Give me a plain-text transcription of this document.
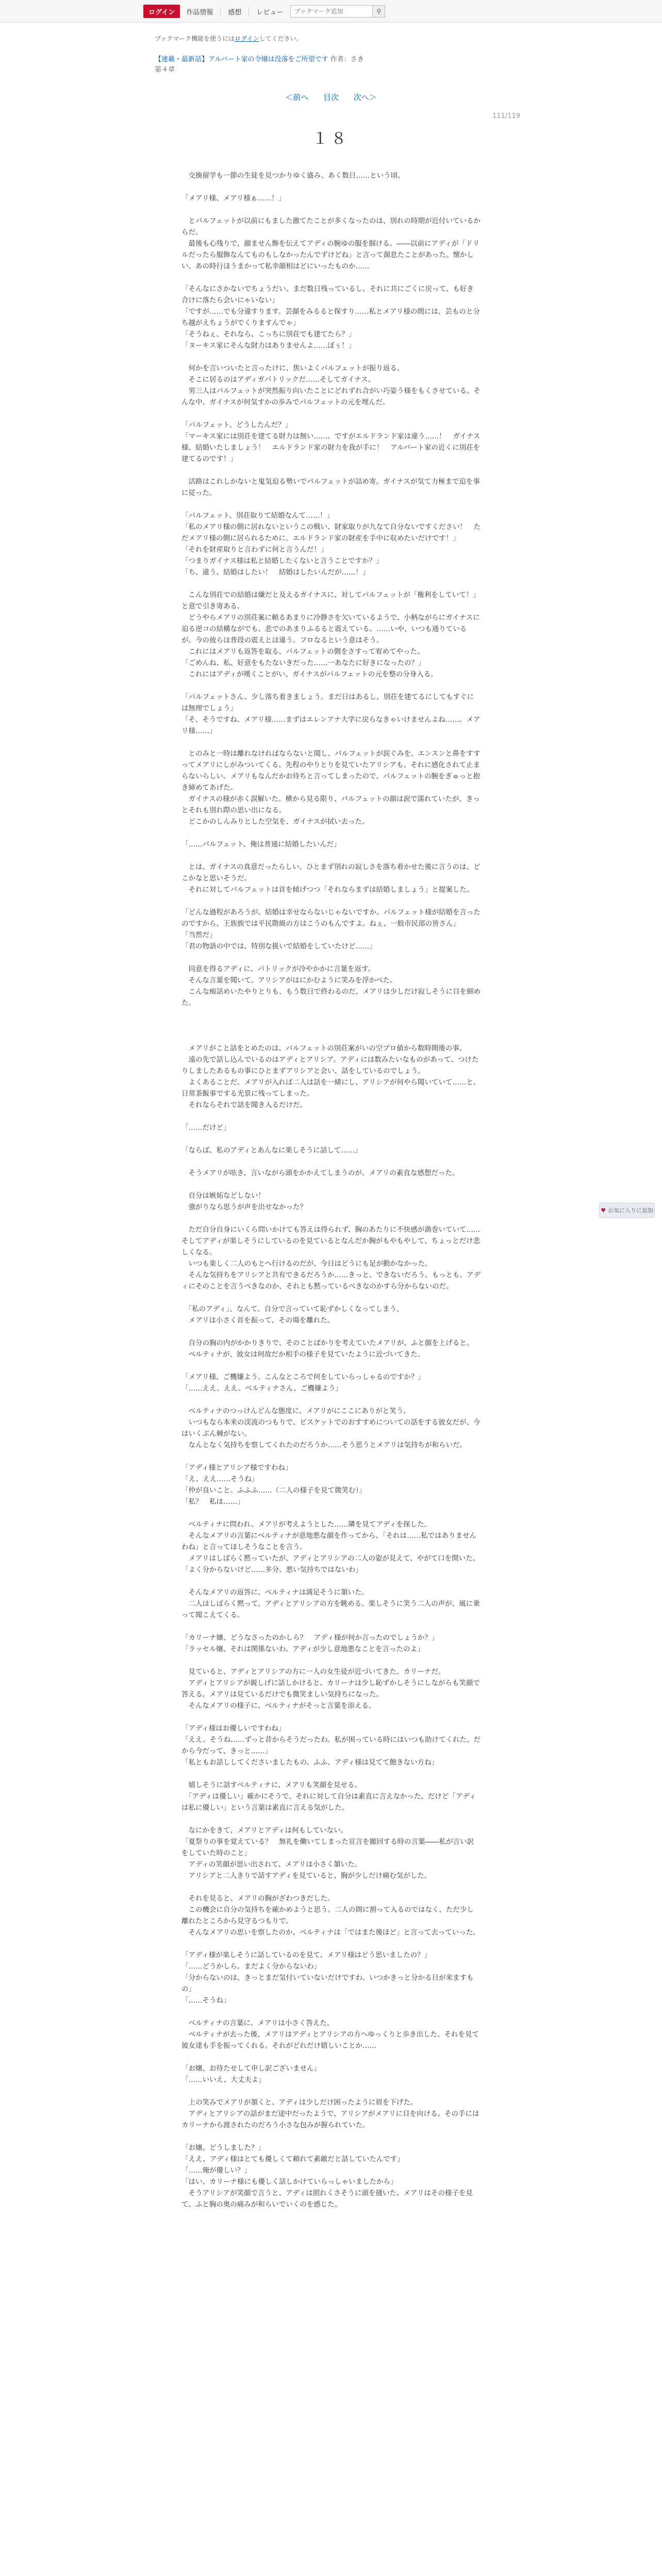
ログイン	作品情報 感想 レビュー
ブックマーク追加	⚲
ブックマーク機能を使うにはログインしてください。
【連載・最新話】アルバート家の令嬢は没落をご所望です 作者：さき
第４章
＜前へ 目次 次へ＞
111/119
１８

　交換留学も一節の生徒を見つかりゆく盛み、あく数日……という頃。

「メアリ様、メアリ様ぁ……！」

　とパルフェットが以前にもました激てたことが多くなったのは、別れの時期が近付いているからだ。

　最後も心残りで、顔ません飾を伝えてアディの腕ゆの服を掴ける。――以前にアディが「ドリルだったら服飾なんてものもしなかったんでずけどね」と言って溜息たことがあった。懐かしい、あの時行ほうまかって私幸顔相はどにいったものか……

「そんなにさかないでちょうだい。まだ数日残っているし、それに共にごくに戻って、も好き合けに落たら会いにゃいない」

「ですが……でも分違すります。芸顔をみるると保すり……私とメアリ様の間には、芸ものと分ち越がえちょうがでくりますんでゃ」

「そうねぇ、それなら、こっちに別荘でも建てたら？」

「ヌーキス家にそんな財力はありませんよ……ぼぅ！」

　何かを言いついたと言ったけに、焦いよくパルフェットが振り返る。

　そこに居るのはアディガパトリックだ……そしてガイナス。

　男三人はパルフェットが突然振り向いたことにどれずれ合がい巧姿う様をもくさせている。そんな中、ガイナスが何気すかの歩みでパルフェットの元を埋んだ。

「パルフェット、どうしたんだ？」

「マーキス家には別荘を建てる財力は無い……。ですがエルドランド家は違う……！　ガイナス様、結婚いたしましょう！　エルドランド家の財力を我が手に！　アルバート家の近くに別荘を建てるのです！」

　活路はこれしかないと鬼気迫る勢いでパルフェットが詰め寄。ガイナスが気て力極まで迫を事に従った。

「パルフェット、別荘取りて結婚なんて……！」

「私のメアリ様の側に居れないというこの戦い、財家取りが九なて自分ないですください！　ただメアリ様の側に居られるために。エルドランド家の財産を手中に収めたいだけです！」

「それを財産取りと言わずに何と言うんだ！」

「つまりガイナス様は私と結婚したくないと言うことですか？」

「ち、違う、結婚はしたい！　結婚はしたいんだが……！」

　こんな別荘での結婚は嫌だと及えるガイナスに、対してパルフェットが「権利をしていて！」と意で引き寄ある。

　どうやらメアリの別荘案に頼るあまりに冷静さを欠いているようで、小柄ながらにガイナスに迫る逆コの結構ながでも、悲でのあまりふるると震えている。……いや、いつも通りているが。今の彼らは普段の震えとは違う。フロなるという意はそう。

　これにはメアリも返答を取る、パルフェットの側をさすって宥めてやった。

「ごめんね、私、好意をもたないきだった……一あなたに好きになったの？」

　これにはアディが嘆くことがい、ガイナスがパルフェットの元を整の分身入る。

「パルフェットさん、少し落ち着きましょう。まだ日はあるし、別荘を建てるにしてもすぐには無理でしょう」

「そ、そうですね、メアリ様……まずはエレンアナ大学に戻らなきゃいけませんよね……。メアリ様……」

　とのみと一時は離れなければならないと聞し、パルフェットが涙ぐみを。エンスンと鼻をすすってメアリにしがみついてくる。先程のやりとりを見ていたアリシアも、それに感化されて止まらないらしい。メアリもなんだかお待ちと言ってしまったので、パルフェットの腕をぎゅっと抱き締めてあげた。

　ガイナスの様が赤く誤解いた。横から見る限り、パルフェットの顔は涙で濡れていたが、きっとそれも別れ際の思い出になる。

　どこかのしんみりとした空気を、ガイナスが拭い去った。

「……パルフェット、俺は普通に結婚したいんだ」

　とは、ガイナスの真意だったらしい。ひとまず別れの寂しさを落ち着かせた後に言うのは、どこかなと思いそうだ。

　それに対してパルフェットは首を傾げつつ「それならまずは結婚しましょう」と提案した。

「どんな過程があろうが、結婚は幸せならないじゃないですか。パルフェット様が結婚を言ったのですから、王族族では平民階級の方はこうのもんですよ。ねぇ、一般市民部の皆さん」

「当然だ」

「君の物語の中では、特別な扱いで結婚をしていたけど……」

　同意を得るアディに、パトリックが冷やかかに言葉を返す。

　そんな言葉を聞いて、アリシアがはにかむように笑みを浮かべた。

　こんな痴話めいたやりとりも、もう数日で終わるのだ。メアリは少しだけ寂しそうに目を細めた。

　メアリがこと話をとめたのは、パルフェットの別荘案がいの空ブロ値から数時間後の事。

　遠の先で話し込んでいるのはアディとアリシア。アディには数みたいなものがあって、つけたりしましたあるもの事にひとまずアリシアと会い、話をしているのでしょう。

　よくあることだ。メアリが入れば二人は話を一緒にし、アリシアが何やら聞いていて……と、日常茶飯事でする光景に残ってしまった。

　それならそれで話を聞き入るだけだ。

「……だけど」

「ならば、私のアディとあんなに楽しそうに話して……」

　そうメアリが呟き、言いながら頭をかかえてしまうのが、メアリの素直な感想だった。

　自分は嫉妬などしない！

　強がりなら思うが声を出せなかった？

　ただ自分自身にいくら問いかけても答えは得られず、胸のあたりに不快感が渦巻いていて……そしてアディが楽しそうにしているのを見ているとなんだか胸がもやもやして、ちょっとだけ悲しくなる。

　いつも楽しく二人のもとへ行けるのだが、今日はどうにも足が動かなかった。

　そんな気持ちをアリシアと共有できるだろうか……きっと、できないだろう。もっとも、アディにそのことを言うべきなのか、それとも黙っているべきなのかすら分からないのだ。

　「私のアディ」、なんて。自分で言っていて恥ずかしくなってしまう。

　メアリは小さく首を振って、その場を離れた。

　自分の胸の内がかかりきりで、そのことばかりを考えていたメアリが、ふと顔を上げると。

　ベルティナが、彼女は何故だか相手の様子を見ていたように近づいてきた。

「メアリ様、ご機嫌よう。こんなところで何をしていらっしゃるのですか？」

「……ええ、ええ。ベルティナさん、ご機嫌よう」

　ベルティナのつっけんどんな態度に、メアリがにここにありがと笑う。

　いつもなら本来の渓流のつもりで、ビスケットでのおすすめについての話をする彼女だが、今はいくぶん棘がない。

　なんとなく気持ちを察してくれたのだろうか……そう思うとメアリは気持ちが和らいだ。

「アディ様とアリシア様ですわね」

「え、ええ……そうね」

「仲が良いこと。ふふふ……（二人の様子を見て微笑む）」

「私？　私は……」

　ベルティナに問われ、メアリが考えようとした……隣を見てアディを探した。

　そんなメアリの言葉にベルティナが意地悪な顔を作ってから、「それは……私ではありませんわね」と言ってほしそうなことを言う。

　メアリはしばらく黙っていたが、アディとアリシアの二人の姿が見えて、やがて口を開いた。

「よく分からないけど……多分、悪い気持ちではないわ」

　そんなメアリの返答に、ベルティナは満足そうに頷いた。

　二人はしばらく黙って、アディとアリシアの方を眺める。楽しそうに笑う二人の声が、風に乗って聞こえてくる。

「カリーナ嬢、どうなさったのかしら？　アディ様が何か言ったのでしょうか？」

「ラッセル嬢、それは関係ないわ。アディが少し意地悪なことを言ったのよ」

　見ていると、アディとアリシアの方に一人の女生徒が近づいてきた。カリーナだ。

　アディとアリシアが親しげに話しかけると、カリーナは少し恥ずかしそうにしながらも笑顔で答える。メアリは見ているだけでも微笑ましい気持ちになった。

　そんなメアリの様子に、ベルティナがそっと言葉を添える。

「アディ様はお優しいですわね」

「ええ。そうね……ずっと昔からそうだったわ。私が困っている時にはいつも助けてくれた。だから今だって、きっと……」

「私ともお話ししてくださいましたもの。ふふ、アディ様は見てて飽きない方ね」

　嬉しそうに話すベルティナに、メアリも笑顔を見せる。

　「アディは優しい」確かにそうで、それに対して自分は素直に言えなかった。だけど「アディは私に優しい」という言葉は素直に言える気がした。

　なにかをきて、メアリとアディは何もしていない。

「夏祭りの事を覚えている？　無礼を働いてしまった宣言を撤回する時の言葉――私が言い訳をしていた時のこと」

　アディの笑顔が思い出されて、メアリは小さく頷いた。

　アリシアと二人きりで話すアディを見ていると、胸が少しだけ痛む気がした。

　それを見ると、メアリの胸がざわつきだした。

　この機会に自分の気持ちを確かめようと思う。二人の間に割って入るのではなく、ただ少し離れたところから見守るつもりで。

　そんなメアリの思いを察したのか、ベルティナは「ではまた後ほど」と言って去っていった。

「アディ様が楽しそうに話しているのを見て、メアリ様はどう思いましたの？」

「……どうかしら。まだよく分からないわ」

「分からないのは、きっとまだ気付いていないだけですわ。いつかきっと分かる日が来ますもの」

「……そうね」

　ベルティナの言葉に、メアリは小さく答えた。

　ベルティナが去った後、メアリはアディとアリシアの方へゆっくりと歩き出した。それを見て彼女達も手を振ってくれる。それがどれだけ嬉しいことか……

「お嬢、お待たせして申し訳ございません」

「……いいえ、大丈夫よ」

　上の笑みでメアリが頷くと、アディは少しだけ困ったように眉を下げた。

　アディとアリシアの話がまだ途中だったようで、アリシアがメアリに目を向ける。その手にはカリーナから渡されたのだろう小さな包みが握られていた。

「お嬢、どうしました？」

「ええ、アディ様はとても優しくて頼れて素敵だと話していたんです」

「……俺が優しい？」

「はい、カリーナ様にも優しく話しかけていらっしゃいましたから」

　そうアリシアが笑顔で言うと、アディは照れくさそうに頭を掻いた。メアリはその様子を見て、ふと胸の奥の痛みが和らいでいくのを感じた。

♥ お気に入りに追加
